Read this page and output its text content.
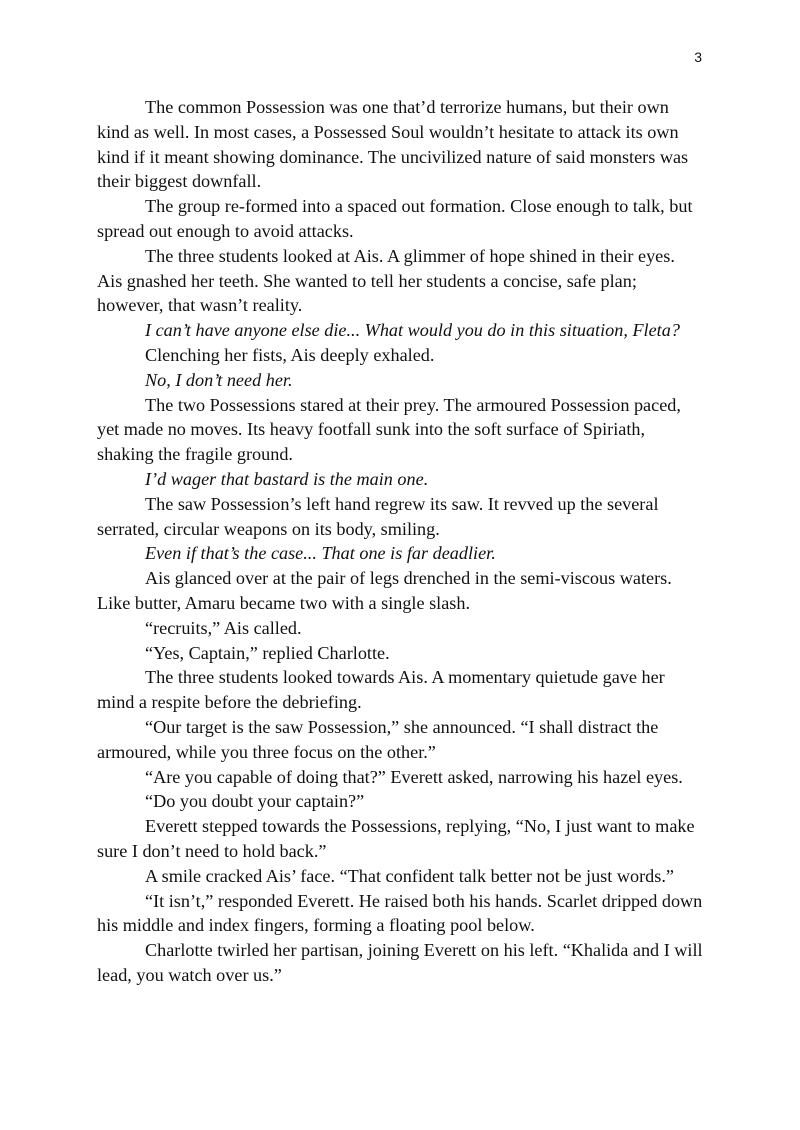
3

The common Possession was one that’d terrorize humans, but their own kind as well. In most cases, a Possessed Soul wouldn’t hesitate to attack its own kind if it meant showing dominance. The uncivilized nature of said monsters was their biggest downfall.

The group re-formed into a spaced out formation. Close enough to talk, but spread out enough to avoid attacks.

The three students looked at Ais. A glimmer of hope shined in their eyes. Ais gnashed her teeth. She wanted to tell her students a concise, safe plan; however, that wasn’t reality.

I can’t have anyone else die... What would you do in this situation, Fleta?

Clenching her fists, Ais deeply exhaled.

No, I don’t need her.

The two Possessions stared at their prey. The armoured Possession paced, yet made no moves. Its heavy footfall sunk into the soft surface of Spiriath, shaking the fragile ground.

I’d wager that bastard is the main one.

The saw Possession’s left hand regrew its saw. It revved up the several serrated, circular weapons on its body, smiling.

Even if that’s the case... That one is far deadlier.

Ais glanced over at the pair of legs drenched in the semi-viscous waters. Like butter, Amaru became two with a single slash.

“recruits,” Ais called.

“Yes, Captain,” replied Charlotte.

The three students looked towards Ais. A momentary quietude gave her mind a respite before the debriefing.

“Our target is the saw Possession,” she announced. “I shall distract the armoured, while you three focus on the other.”

“Are you capable of doing that?” Everett asked, narrowing his hazel eyes.

“Do you doubt your captain?”

Everett stepped towards the Possessions, replying, “No, I just want to make sure I don’t need to hold back.”

A smile cracked Ais’ face. “That confident talk better not be just words.”

“It isn’t,” responded Everett. He raised both his hands. Scarlet dripped down his middle and index fingers, forming a floating pool below.

Charlotte twirled her partisan, joining Everett on his left. “Khalida and I will lead, you watch over us.”
